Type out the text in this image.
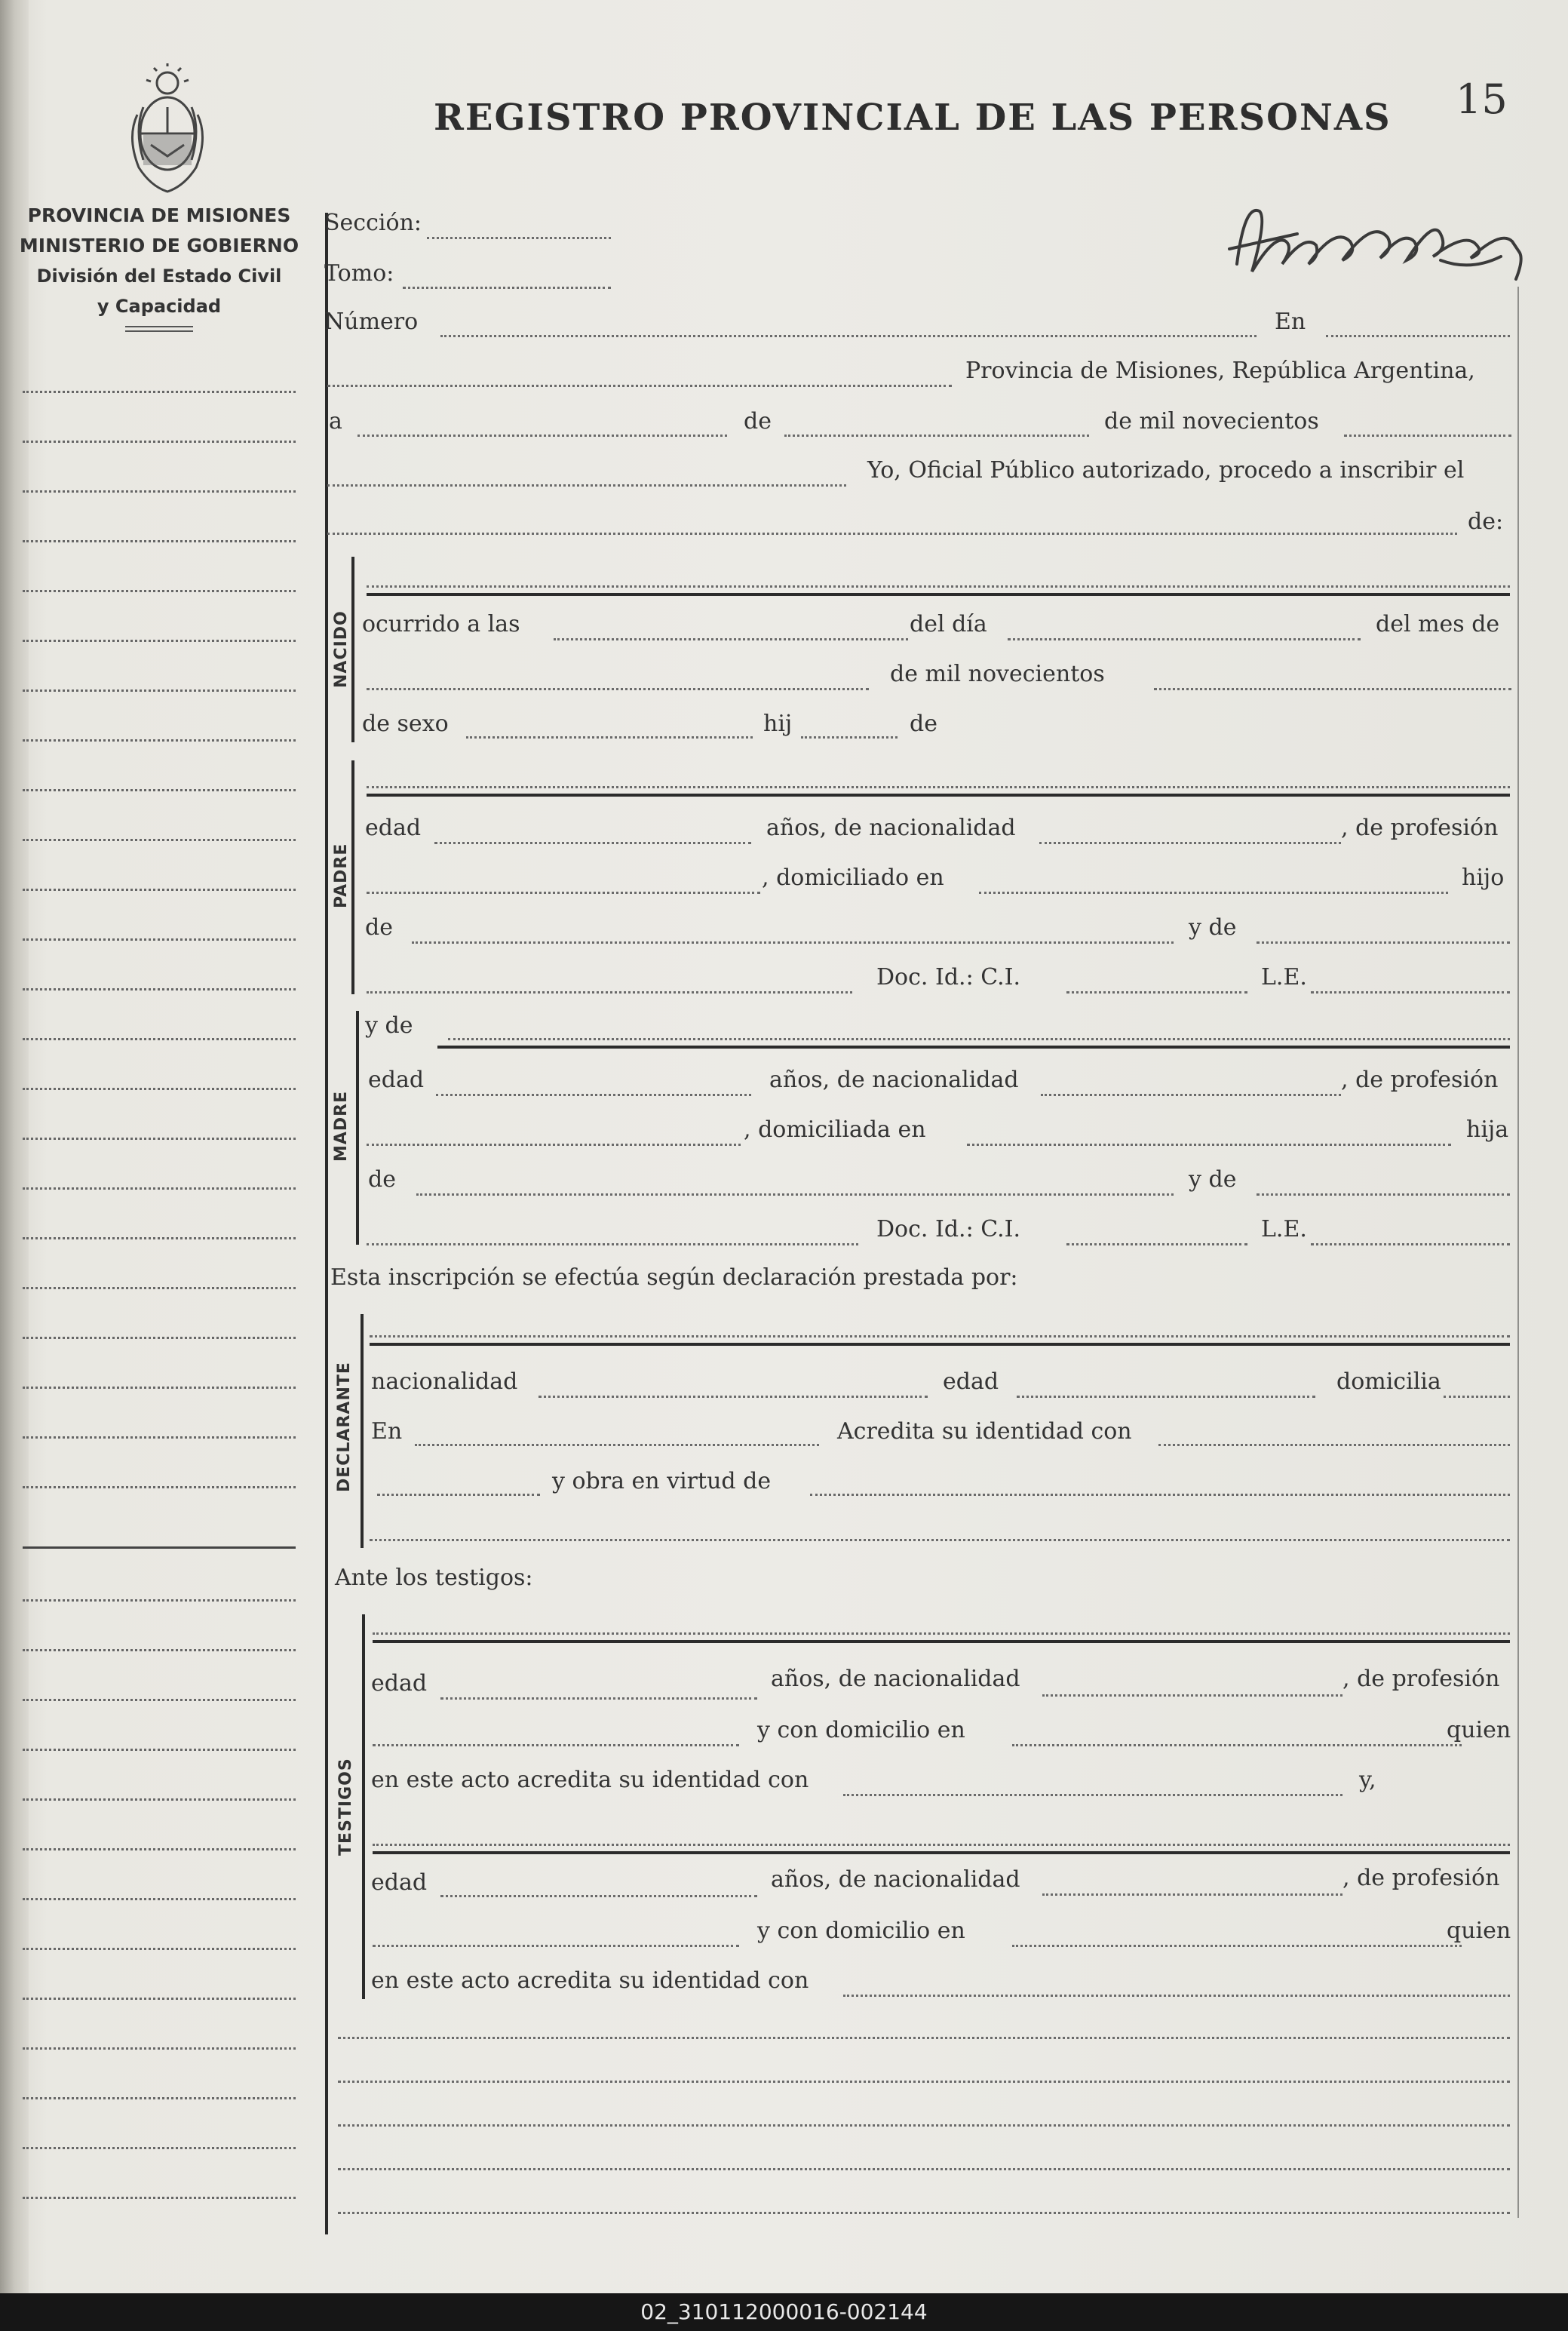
PROVINCIA DE MISIONES
MINISTERIO DE GOBIERNO
División del Estado Civil
y Capacidad
REGISTRO PROVINCIAL DE LAS PERSONAS 15
Sección:
Tomo:
Número	En
Provincia de Misiones, República Argentina,
a	de	de mil novecientos
Yo, Oficial Público autorizado, procedo a inscribir el
de:
NACIDO ocurrido a las	del día	del mes de
de mil novecientos
de sexo	hij	de
PADRE
edad	años, de nacionalidad	, de profesión
, domiciliado en	hijo
de	y de
Doc. Id.: C.I.	L.E.
MADRE
y de
edad	años, de nacionalidad	, de profesión
, domiciliada en	hija
de	y de
Doc. Id.: C.I.	L.E.
Esta inscripción se efectúa según declaración prestada por:
DECLARANTE nacionalidad	edad	domicilia
En	Acredita su identidad con
y obra en virtud de
Ante los testigos:
TESTIGOS
edad	años, de nacionalidad	, de profesión
y con domicilio en	quien
en este acto acredita su identidad con	y,
edad	años, de nacionalidad	, de profesión
y con domicilio en	quien
en este acto acredita su identidad con
02_310112000016-002144
